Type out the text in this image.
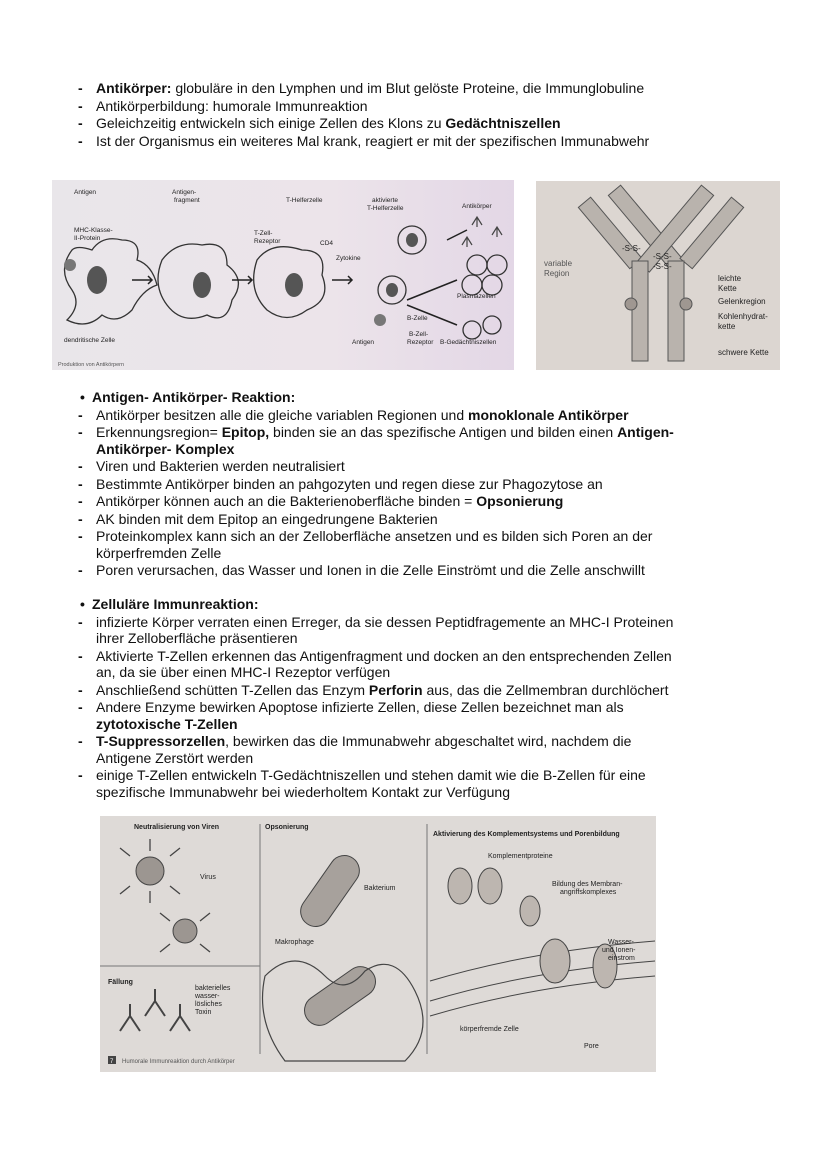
- Antikörper: globuläre in den Lymphen und im Blut gelöste Proteine, die Immunglobuline
- Antikörperbildung: humorale Immunreaktion
- Geleichzeitig entwickeln sich einige Zellen des Klons zu Gedächtniszellen
- Ist der Organismus ein weiteres Mal krank, reagiert er mit der spezifischen Immunabwehr
Antigen	Antigen-
fragment	T-Helferzelle	aktivierte
T-Helferzelle	Antikörper
MHC-Klasse-
II-Protein
T-Zell-
Rezeptor	CD4
Zytokine
Plasmazellen
B-Zelle
B-Zell-
Rezeptor
Antigen	B-Gedächtniszellen
dendritische Zelle
Produktion von Antikörpern
-S-S-
-S-S-
-S-S-
variable
Region
leichte
Kette
Gelenkregion
Kohlenhydrat-
kette
schwere Kette
• Antigen- Antikörper- Reaktion:
- Antikörper besitzen alle die gleiche variablen Regionen und monoklonale Antikörper
- Erkennungsregion= Epitop, binden sie an das spezifische Antigen und bilden einen Antigen-
Antikörper- Komplex
- Viren und Bakterien werden neutralisiert
- Bestimmte Antikörper binden an pahgozyten und regen diese zur Phagozytose an
- Antikörper können auch an die Bakterienoberfläche binden = Opsonierung
- AK binden mit dem Epitop an eingedrungene Bakterien
- Proteinkomplex kann sich an der Zelloberfläche ansetzen und es bilden sich Poren an der
körperfremden Zelle
- Poren verursachen, das Wasser und Ionen in die Zelle Einströmt und die Zelle anschwillt
• Zelluläre Immunreaktion:
- infizierte Körper verraten einen Erreger, da sie dessen Peptidfragemente an MHC-I Proteinen
ihrer Zelloberfläche präsentieren
- Aktivierte T-Zellen erkennen das Antigenfragment und docken an den entsprechenden Zellen
an, da sie über einen MHC-I Rezeptor verfügen
- Anschließend schütten T-Zellen das Enzym Perforin aus, das die Zellmembran durchlöchert
- Andere Enzyme bewirken Apoptose infizierte Zellen, diese Zellen bezeichnet man als
zytotoxische T-Zellen
- T-Suppressorzellen, bewirken das die Immunabwehr abgeschaltet wird, nachdem die
Antigene Zerstört werden
- einige T-Zellen entwickeln T-Gedächtniszellen und stehen damit wie die B-Zellen für eine
spezifische Immunabwehr bei wiederholtem Kontakt zur Verfügung
Neutralisierung von Viren	Opsonierung
Aktivierung des Komplementsystems und Porenbildung
Virus
Bakterium
Makrophage
Komplementproteine
Bildung des Membran-
angriffskomplexes
Wasser-
und Ionen-
einstrom
Fällung
bakterielles
wasser-
lösliches
Toxin
körperfremde Zelle
Pore
7 Humorale Immunreaktion durch Antikörper
